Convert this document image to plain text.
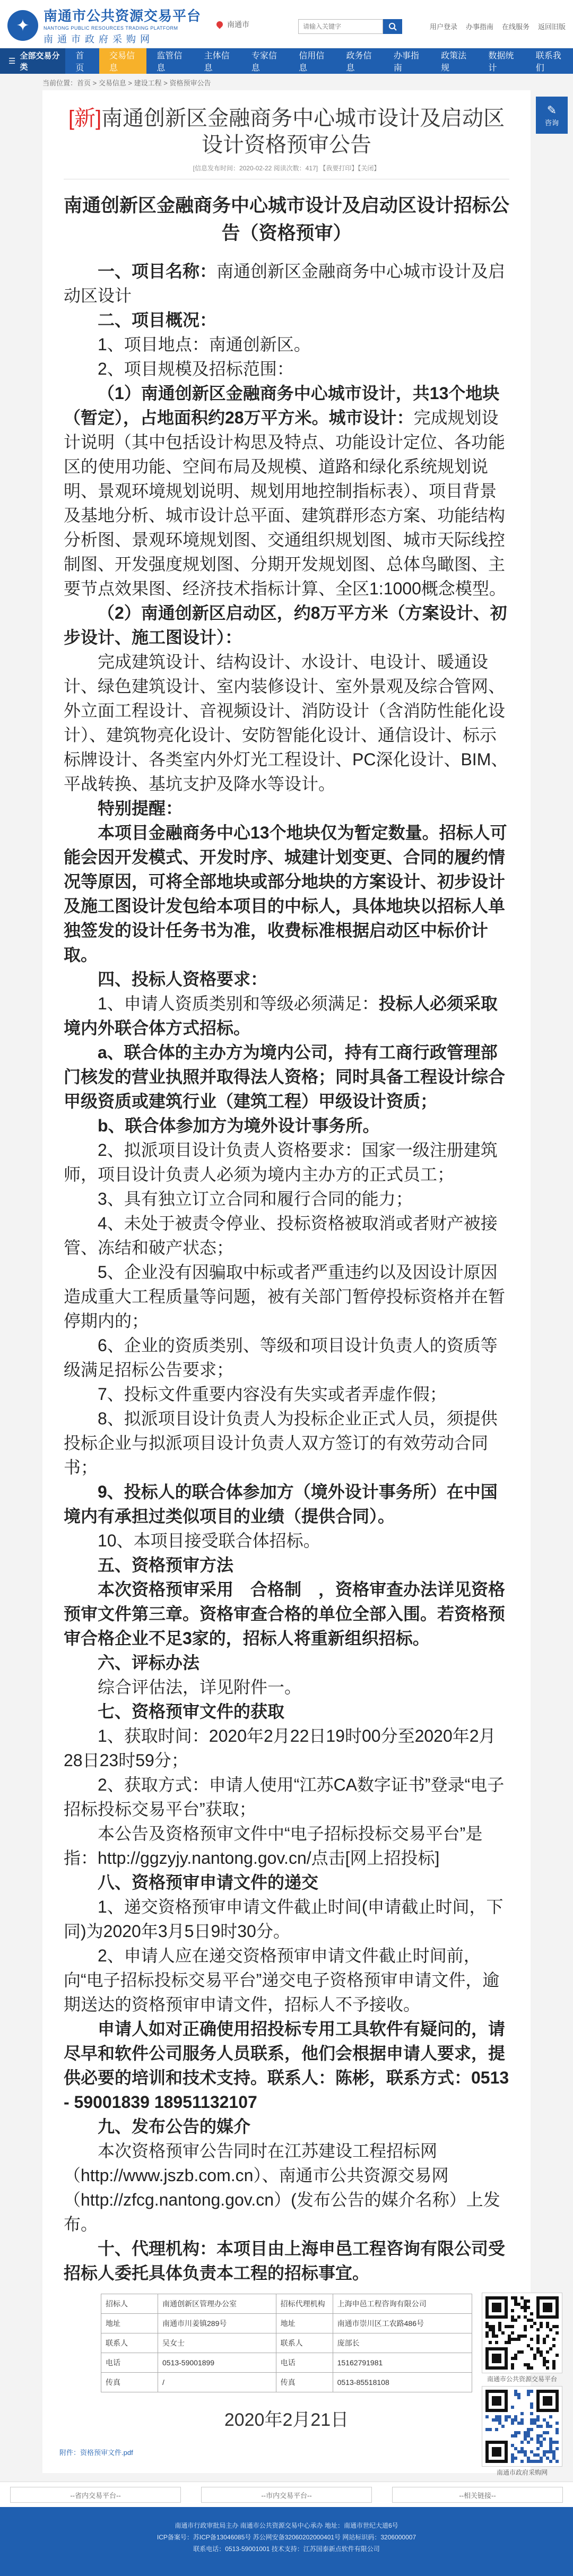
✦
南通市公共资源交易平台
NANTONG PUBLIC RESOURCES TRADING PLATFORM
南通市政府采购网
南通市
请输入关键字	用户登录 办事指南 在线服务 返回旧版
☰
全部交易分类
首页
交易信息
监管信息
主体信息
专家信息
信用信息
政务信息
办事指南
政策法规
数据统计
联系我们
当前位置：首页 > 交易信息 > 建设工程 > 资格预审公告
[新]南通创新区金融商务中心城市设计及启动区设计资格预审公告
[信息发布时间：2020-02-22 阅读次数：417] 【我要打印】【关闭】
南通创新区金融商务中心城市设计及启动区设计招标公告（资格预审）

一、项目名称：南通创新区金融商务中心城市设计及启动区设计

二、项目概况：

1、项目地点：南通创新区。

2、项目规模及招标范围：

（1）南通创新区金融商务中心城市设计，共13个地块（暂定），占地面积约28万平方米。城市设计：完成规划设计说明（其中包括设计构思及特点、功能设计定位、各功能区的使用功能、空间布局及规模、道路和绿化系统规划说明、景观环境规划说明、规划用地控制指标表）、项目背景及基地分析、城市设计总平面、建筑群形态方案、功能结构分析图、景观环境规划图、交通组织规划图、城市天际线控制图、开发强度规划图、分期开发规划图、总体鸟瞰图、主要节点效果图、经济技术指标计算、全区1:1000概念模型。

（2）南通创新区启动区，约8万平方米（方案设计、初步设计、施工图设计）：

完成建筑设计、结构设计、水设计、电设计、暖通设计、绿色建筑设计、室内装修设计、室外景观及综合管网、外立面工程设计、音视频设计、消防设计（含消防性能化设计）、建筑物亮化设计、安防智能化设计、通信设计、标示标牌设计、各类室内外灯光工程设计、PC深化设计、BIM、平战转换、基坑支护及降水等设计。

特别提醒：

本项目金融商务中心13个地块仅为暂定数量。招标人可能会因开发模式、开发时序、城建计划变更、合同的履约情况等原因，可将全部地块或部分地块的方案设计、初步设计及施工图设计发包给本项目的中标人，具体地块以招标人单独签发的设计任务书为准，收费标准根据启动区中标价计取。

四、投标人资格要求：

1、申请人资质类别和等级必须满足：投标人必须采取境内外联合体方式招标。

a、联合体的主办方为境内公司，持有工商行政管理部门核发的营业执照并取得法人资格；同时具备工程设计综合甲级资质或建筑行业（建筑工程）甲级设计资质；

b、联合体参加方为境外设计事务所。

2、拟派项目设计负责人资格要求：国家一级注册建筑师，项目设计负责人必须为境内主办方的正式员工；

3、具有独立订立合同和履行合同的能力；

4、未处于被责令停业、投标资格被取消或者财产被接管、冻结和破产状态；

5、企业没有因骗取中标或者严重违约以及因设计原因造成重大工程质量等问题，被有关部门暂停投标资格并在暂停期内的；

6、企业的资质类别、等级和项目设计负责人的资质等级满足招标公告要求；

7、投标文件重要内容没有失实或者弄虚作假；

8、拟派项目设计负责人为投标企业正式人员，须提供投标企业与拟派项目设计负责人双方签订的有效劳动合同书；

9、投标人的联合体参加方（境外设计事务所）在中国境内有承担过类似项目的业绩（提供合同）。

10、本项目接受联合体招标。

五、资格预审方法

本次资格预审采用　合格制　，资格审查办法详见资格预审文件第三章。资格审查合格的单位全部入围。若资格预审合格企业不足3家的，招标人将重新组织招标。

六、评标办法

综合评估法，详见附件一。

七、资格预审文件的获取

1、获取时间：2020年2月22日19时00分至2020年2月28日23时59分；

2、获取方式：申请人使用“江苏CA数字证书”登录“电子招标投标交易平台”获取；

本公告及资格预审文件中“电子招标投标交易平台”是指：http://ggzyjy.nantong.gov.cn/点击[网上招投标]

八、资格预审申请文件的递交

1、递交资格预审申请文件截止时间(申请截止时间，下同)为2020年3月5日9时30分。

2、申请人应在递交资格预审申请文件截止时间前，向“电子招标投标交易平台”递交电子资格预审申请文件，逾期送达的资格预审申请文件，招标人不予接收。

申请人如对正确使用招投标专用工具软件有疑问的，请尽早和软件公司服务人员联系，他们会根据申请人要求，提供必要的培训和技术支持。联系人：陈彬，联系方式：0513 - 59001839 18951132107

九、发布公告的媒介

本次资格预审公告同时在江苏建设工程招标网（http://www.jszb.com.cn）、南通市公共资源交易网（http://zfcg.nantong.gov.cn）(发布公告的媒介名称）上发布。

十、代理机构：本项目由上海申邑工程咨询有限公司受招标人委托具体负责本工程的招标事宜。

招标人	南通创新区管理办公室	招标代理机构	上海申邑工程咨询有限公司
地址	南通市川姜镇289号	地址	南通市崇川区工农路486号
联系人	吴女士	联系人	庞部长
电话	0513-59001899	电话	15162791981
传真	/	传真	0513-85518108
2020年2月21日
附件：资格预审文件.pdf
✎
咨询
南通市公共资源交易平台
南通市政府采购网
--省内交易平台--	--市内交易平台--	--相关链接--
南通市行政审批局主办 南通市公共资源交易中心承办 地址：南通市世纪大道6号
ICP备案号：苏ICP备13046085号 苏公网安备32060202000401号 网站标识码：3206000007
联系电话：0513-59001001 技术支持：江苏国泰新点软件有限公司
